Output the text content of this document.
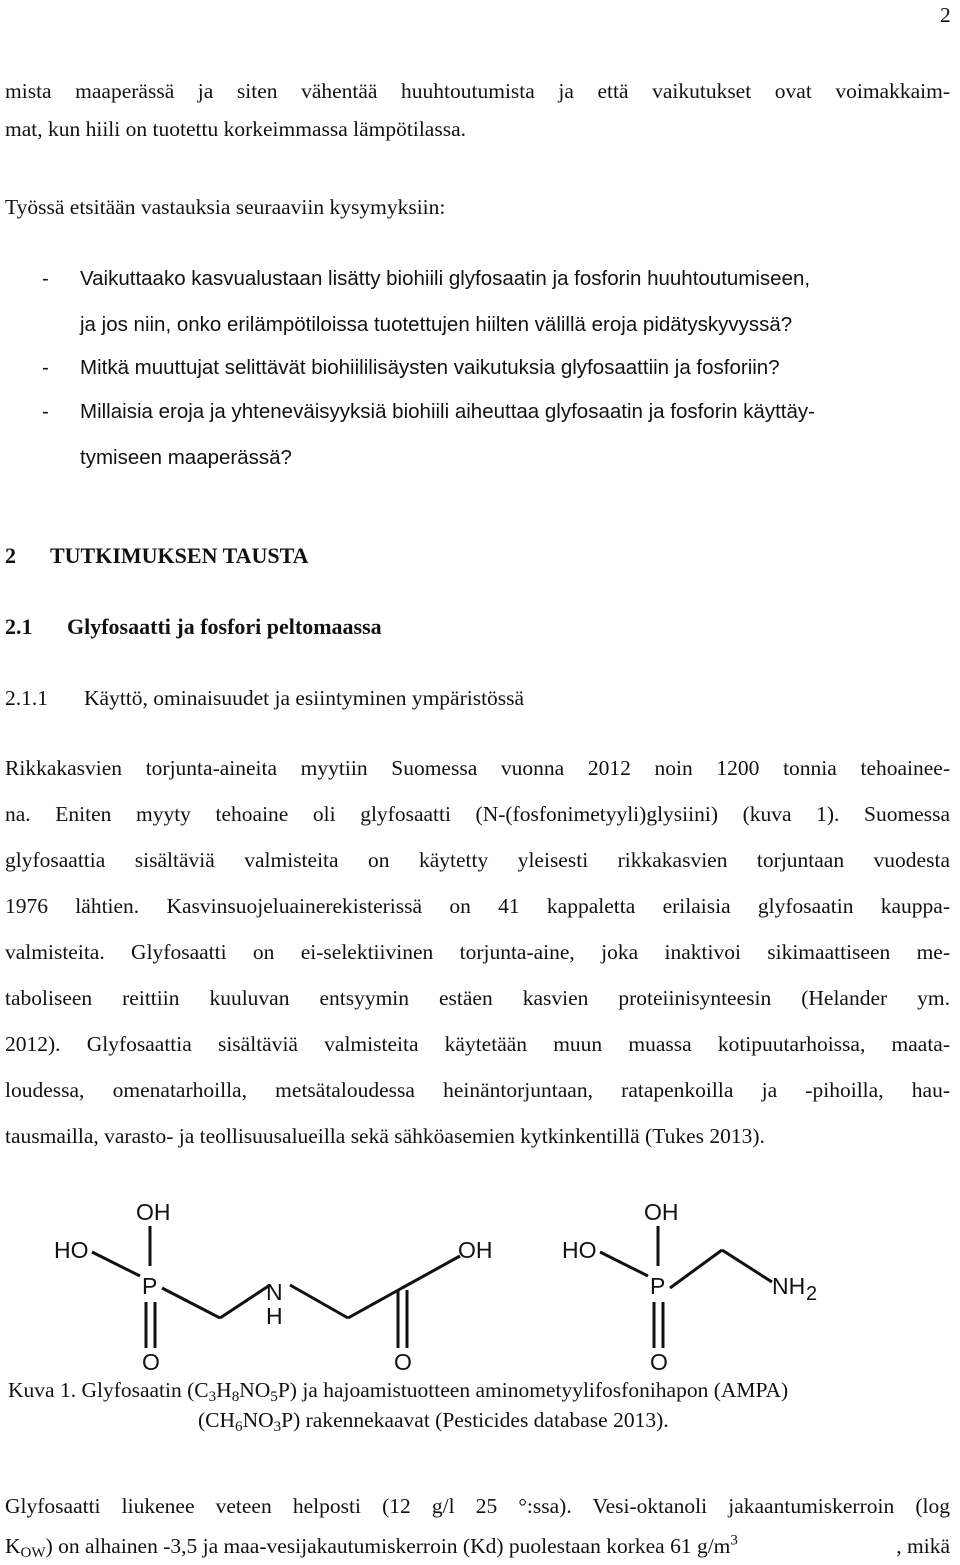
2
mista maaperässä ja siten vähentää huuhtoutumista ja että vaikutukset ovat voimakkaim-
mat, kun hiili on tuotettu korkeimmassa lämpötilassa.
Työssä etsitään vastauksia seuraaviin kysymyksiin:
- Vaikuttaako kasvualustaan lisätty biohiili glyfosaatin ja fosforin huuhtoutumiseen,
ja jos niin, onko erilämpötiloissa tuotettujen hiilten välillä eroja pidätyskyvyssä?
- Mitkä muuttujat selittävät biohiililisäysten vaikutuksia glyfosaattiin ja fosforiin?
- Millaisia eroja ja yhteneväisyyksiä biohiili aiheuttaa glyfosaatin ja fosforin käyttäy-
tymiseen maaperässä?
2 TUTKIMUKSEN TAUSTA
2.1 Glyfosaatti ja fosfori peltomaassa
2.1.1 Käyttö, ominaisuudet ja esiintyminen ympäristössä
Rikkakasvien torjunta-aineita myytiin Suomessa vuonna 2012 noin 1200 tonnia tehoainee-
na. Eniten myyty tehoaine oli glyfosaatti (N-(fosfonimetyyli)glysiini) (kuva 1). Suomessa
glyfosaattia sisältäviä valmisteita on käytetty yleisesti rikkakasvien torjuntaan vuodesta
1976 lähtien. Kasvinsuojeluainerekisterissä on 41 kappaletta erilaisia glyfosaatin kauppa-
valmisteita. Glyfosaatti on ei-selektiivinen torjunta-aine, joka inaktivoi sikimaattiseen me-
taboliseen reittiin kuuluvan entsyymin estäen kasvien proteiinisynteesin (Helander ym.
2012). Glyfosaattia sisältäviä valmisteita käytetään muun muassa kotipuutarhoissa, maata-
loudessa, omenatarhoilla, metsätaloudessa heinäntorjuntaan, ratapenkoilla ja -pihoilla, hau-
tausmailla, varasto- ja teollisuusalueilla sekä sähköasemien kytkinkentillä (Tukes 2013).
OH
HO
P
O
N
H
OH
O
OH
HO
P
O
NH 2
Kuva 1. Glyfosaatin $(C_3H_8NO_5P)$ ja hajoamistuotteen aminometyylifosfonihapon (AMPA)
$(CH_6NO_3P)$ rakennekaavat (Pesticides database 2013).
Glyfosaatti liukenee veteen helposti (12 g/l 25 °:ssa). Vesi-oktanoli jakaantumiskerroin (log
$K_{OW}$) on alhainen -3,5 ja maa-vesijakautumiskerroin (Kd) puolestaan korkea 61 $g/m^3$	, mikä
